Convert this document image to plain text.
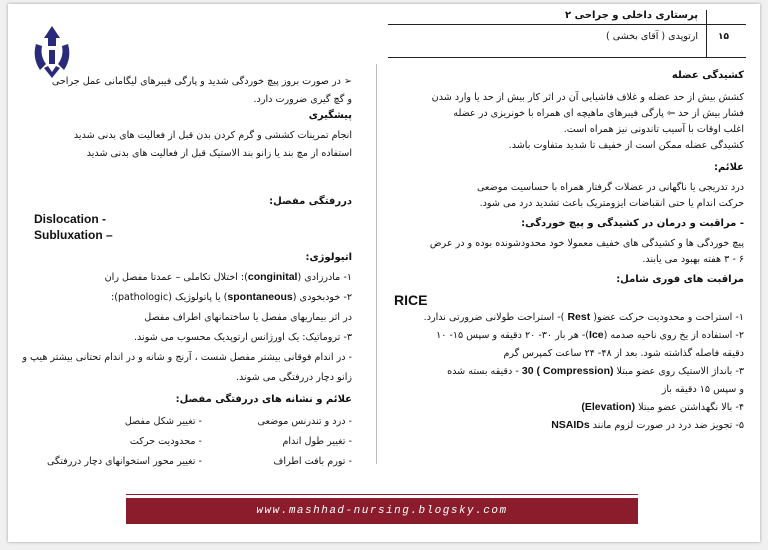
پرستاری داخلی و جراحی ۲
ارتوپدی ( آقای بخشی ) ۱۵
کشیدگی عضله
کشش بیش از حد عضله و غلاف فاشیایی آن در اثر کار بیش از حد یا وارد شدن
فشار بیش از حد ⇦ پارگی فیبرهای ماهیچه ای همراه با خونریزی در عضله
اغلب اوقات با آسیب تاندونی نیز همراه است.
کشیدگی عضله ممکن است از خفیف تا شدید متفاوت باشد.
علائم:
درد تدریجی یا ناگهانی در عضلات گرفتار همراه با حساسیت موضعی
حرکت اندام یا حتی انقباضات ایزومتریک باعث تشدید درد می شود.
- مراقبت و درمان در کشیدگی و پیچ خوردگی:
پیچ خوردگی ها و کشیدگی های خفیف معمولا خود محدودشونده بوده و در عرض
۶ - ۳ هفته بهبود می یابند.
مراقبت های فوری شامل:
RICE
۱- استراحت و محدودیت حرکت عضو( Rest )- استراحت طولانی ضرورتی ندارد.
۲- استفاده از یخ روی ناحیه صدمه (Ice)- هر بار ۳۰- ۲۰ دقیقه و سپس ۱۵- ۱۰
دقیقه فاصله گذاشته شود. بعد از ۴۸- ۲۴ ساعت کمپرس گرم
۳- بانداژ الاستیک روی عضو مبتلا (Compression ) 30 - دقیقه بسته شده
و سپس ۱۵ دقیقه باز
۴- بالا نگهداشتن عضو مبتلا (Elevation)
۵- تجویز ضد درد در صورت لزوم مانند NSAIDs
➢ در صورت بروز پیچ خوردگی شدید و پارگی فیبرهای لیگامانی عمل جراحی
و گچ گیری ضرورت دارد.
پیشگیری
انجام تمرینات کششی و گرم کردن بدن قبل از فعالیت های بدنی شدید
استفاده از مچ بند یا زانو بند الاستیک قبل از فعالیت های بدنی شدید
دررفتگی مفصل:
Dislocation -
Subluxation –
اتیولوژی:
۱- مادرزادی (conginital): اختلال تکاملی – عمدتا مفصل ران
۲- خودبخودی (spontaneous) یا پاتولوژیک (pathologic):
در اثر بیماریهای مفصل یا ساختمانهای اطراف مفصل
۳- تروماتیک: یک اورژانس ارتوپدیک محسوب می شوند.
- در اندام فوقانی بیشتر مفصل شست ، آرنج و شانه و در اندام تحتانی بیشتر هیپ و
زانو دچار دررفتگی می شوند.
علائم و نشانه های دررفتگی مفصل:
- درد و تندرنس موضعی
- تغییر طول اندام
- تورم بافت اطراف
- تغییر شکل مفصل
- محدودیت حرکت
- تغییر محور استخوانهای دچار دررفتگی
www.mashhad-nursing.blogsky.com
